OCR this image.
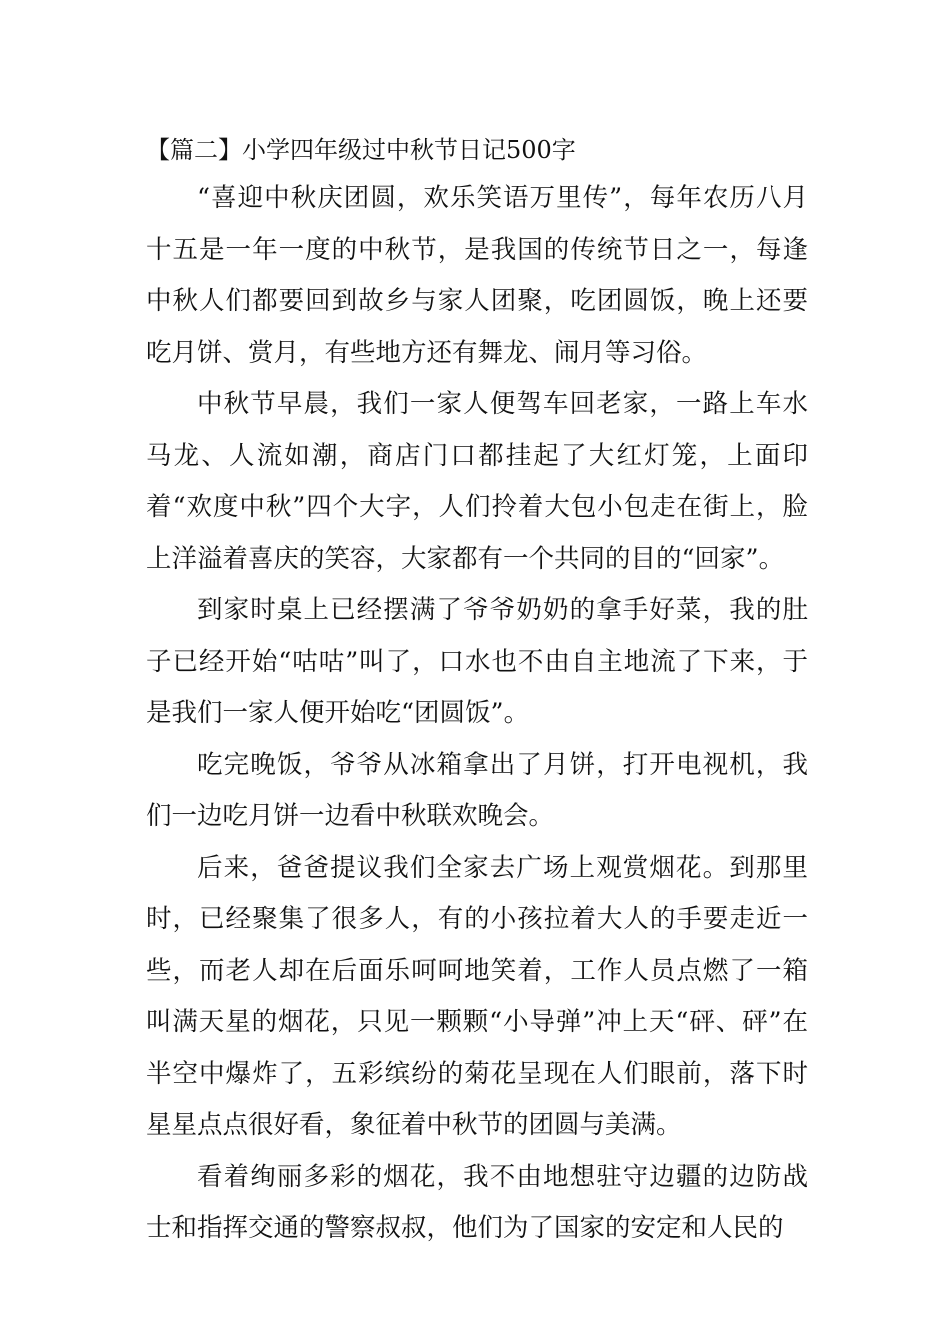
【篇二】小学四年级过中秋节日记500字

“喜迎中秋庆团圆，欢乐笑语万里传”，每年农历八月十五是一年一度的中秋节，是我国的传统节日之一，每逢中秋人们都要回到故乡与家人团聚，吃团圆饭，晚上还要吃月饼、赏月，有些地方还有舞龙、闹月等习俗。

中秋节早晨，我们一家人便驾车回老家，一路上车水马龙、人流如潮，商店门口都挂起了大红灯笼，上面印着“欢度中秋”四个大字，人们拎着大包小包走在街上，脸上洋溢着喜庆的笑容，大家都有一个共同的目的“回家”。

到家时桌上已经摆满了爷爷奶奶的拿手好菜，我的肚子已经开始“咕咕”叫了，口水也不由自主地流了下来，于是我们一家人便开始吃“团圆饭”。

吃完晚饭，爷爷从冰箱拿出了月饼，打开电视机，我们一边吃月饼一边看中秋联欢晚会。

后来，爸爸提议我们全家去广场上观赏烟花。到那里时，已经聚集了很多人，有的小孩拉着大人的手要走近一些，而老人却在后面乐呵呵地笑着，工作人员点燃了一箱叫满天星的烟花，只见一颗颗“小导弹”冲上天“砰、砰”在半空中爆炸了，五彩缤纷的菊花呈现在人们眼前，落下时星星点点很好看，象征着中秋节的团圆与美满。

看着绚丽多彩的烟花，我不由地想驻守边疆的边防战士和指挥交通的警察叔叔，他们为了国家的安定和人民的
